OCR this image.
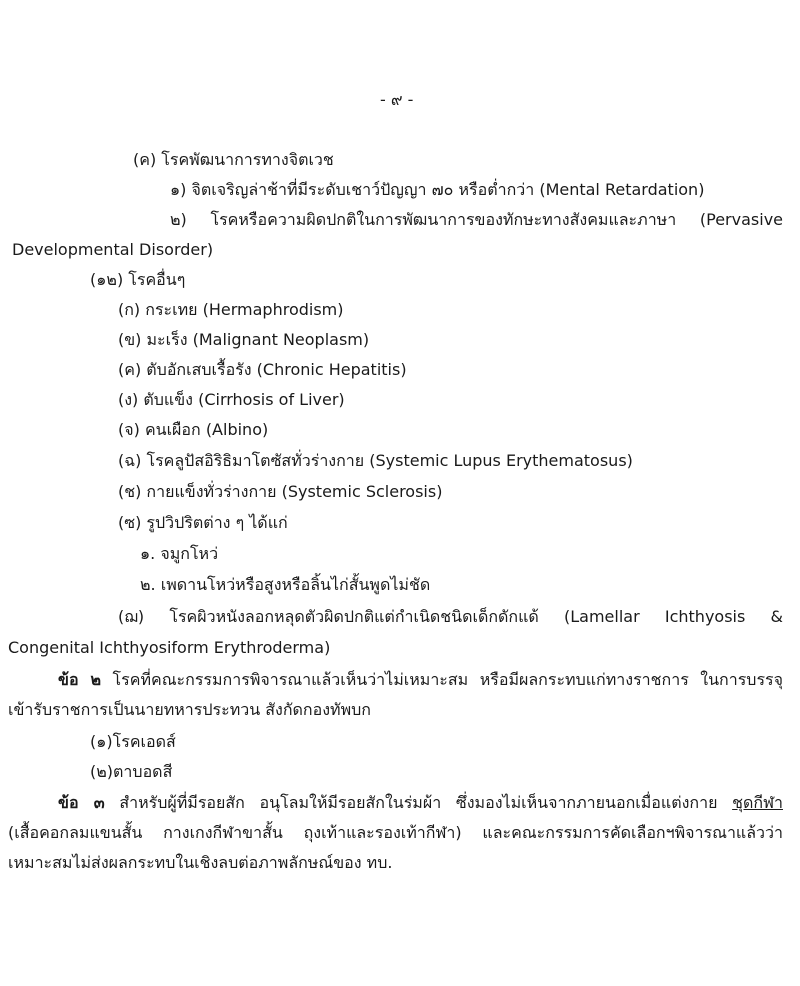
- ๙ -
(ค) โรคพัฒนาการทางจิตเวช
๑) จิตเจริญล่าช้าที่มีระดับเชาว์ปัญญา ๗๐ หรือต่ำกว่า (Mental Retardation)
๒) โรคหรือความผิดปกติในการพัฒนาการของทักษะทางสังคมและภาษา (Pervasive
Developmental Disorder)
(๑๒) โรคอื่นๆ
(ก) กระเทย (Hermaphrodism)
(ข) มะเร็ง (Malignant Neoplasm)
(ค) ตับอักเสบเรื้อรัง (Chronic Hepatitis)
(ง) ตับแข็ง (Cirrhosis of Liver)
(จ) คนเผือก (Albino)
(ฉ) โรคลูปัสอิริธิมาโตซัสทั่วร่างกาย (Systemic Lupus Erythematosus)
(ช) กายแข็งทั่วร่างกาย (Systemic Sclerosis)
(ซ) รูปวิปริตต่าง ๆ ได้แก่
๑. จมูกโหว่
๒. เพดานโหว่หรือสูงหรือลิ้นไก่สั้นพูดไม่ชัด
(ฌ) โรคผิวหนังลอกหลุดตัวผิดปกติแต่กำเนิดชนิดเด็กดักแด้ (Lamellar Ichthyosis &
Congenital Ichthyosiform Erythroderma)
ข้อ ๒ โรคที่คณะกรรมการพิจารณาแล้วเห็นว่าไม่เหมาะสม หรือมีผลกระทบแก่ทางราชการ ในการบรรจุ
เข้ารับราชการเป็นนายทหารประทวน สังกัดกองทัพบก
(๑)โรคเอดส์
(๒)ตาบอดสี
ข้อ ๓ สำหรับผู้ที่มีรอยสัก อนุโลมให้มีรอยสักในร่มผ้า ซึ่งมองไม่เห็นจากภายนอกเมื่อแต่งกาย ชุดกีฬา
(เสื้อคอกลมแขนสั้น กางเกงกีฬาขาสั้น ถุงเท้าและรองเท้ากีฬา) และคณะกรรมการคัดเลือกฯพิจารณาแล้วว่า
เหมาะสมไม่ส่งผลกระทบในเชิงลบต่อภาพลักษณ์ของ ทบ.
